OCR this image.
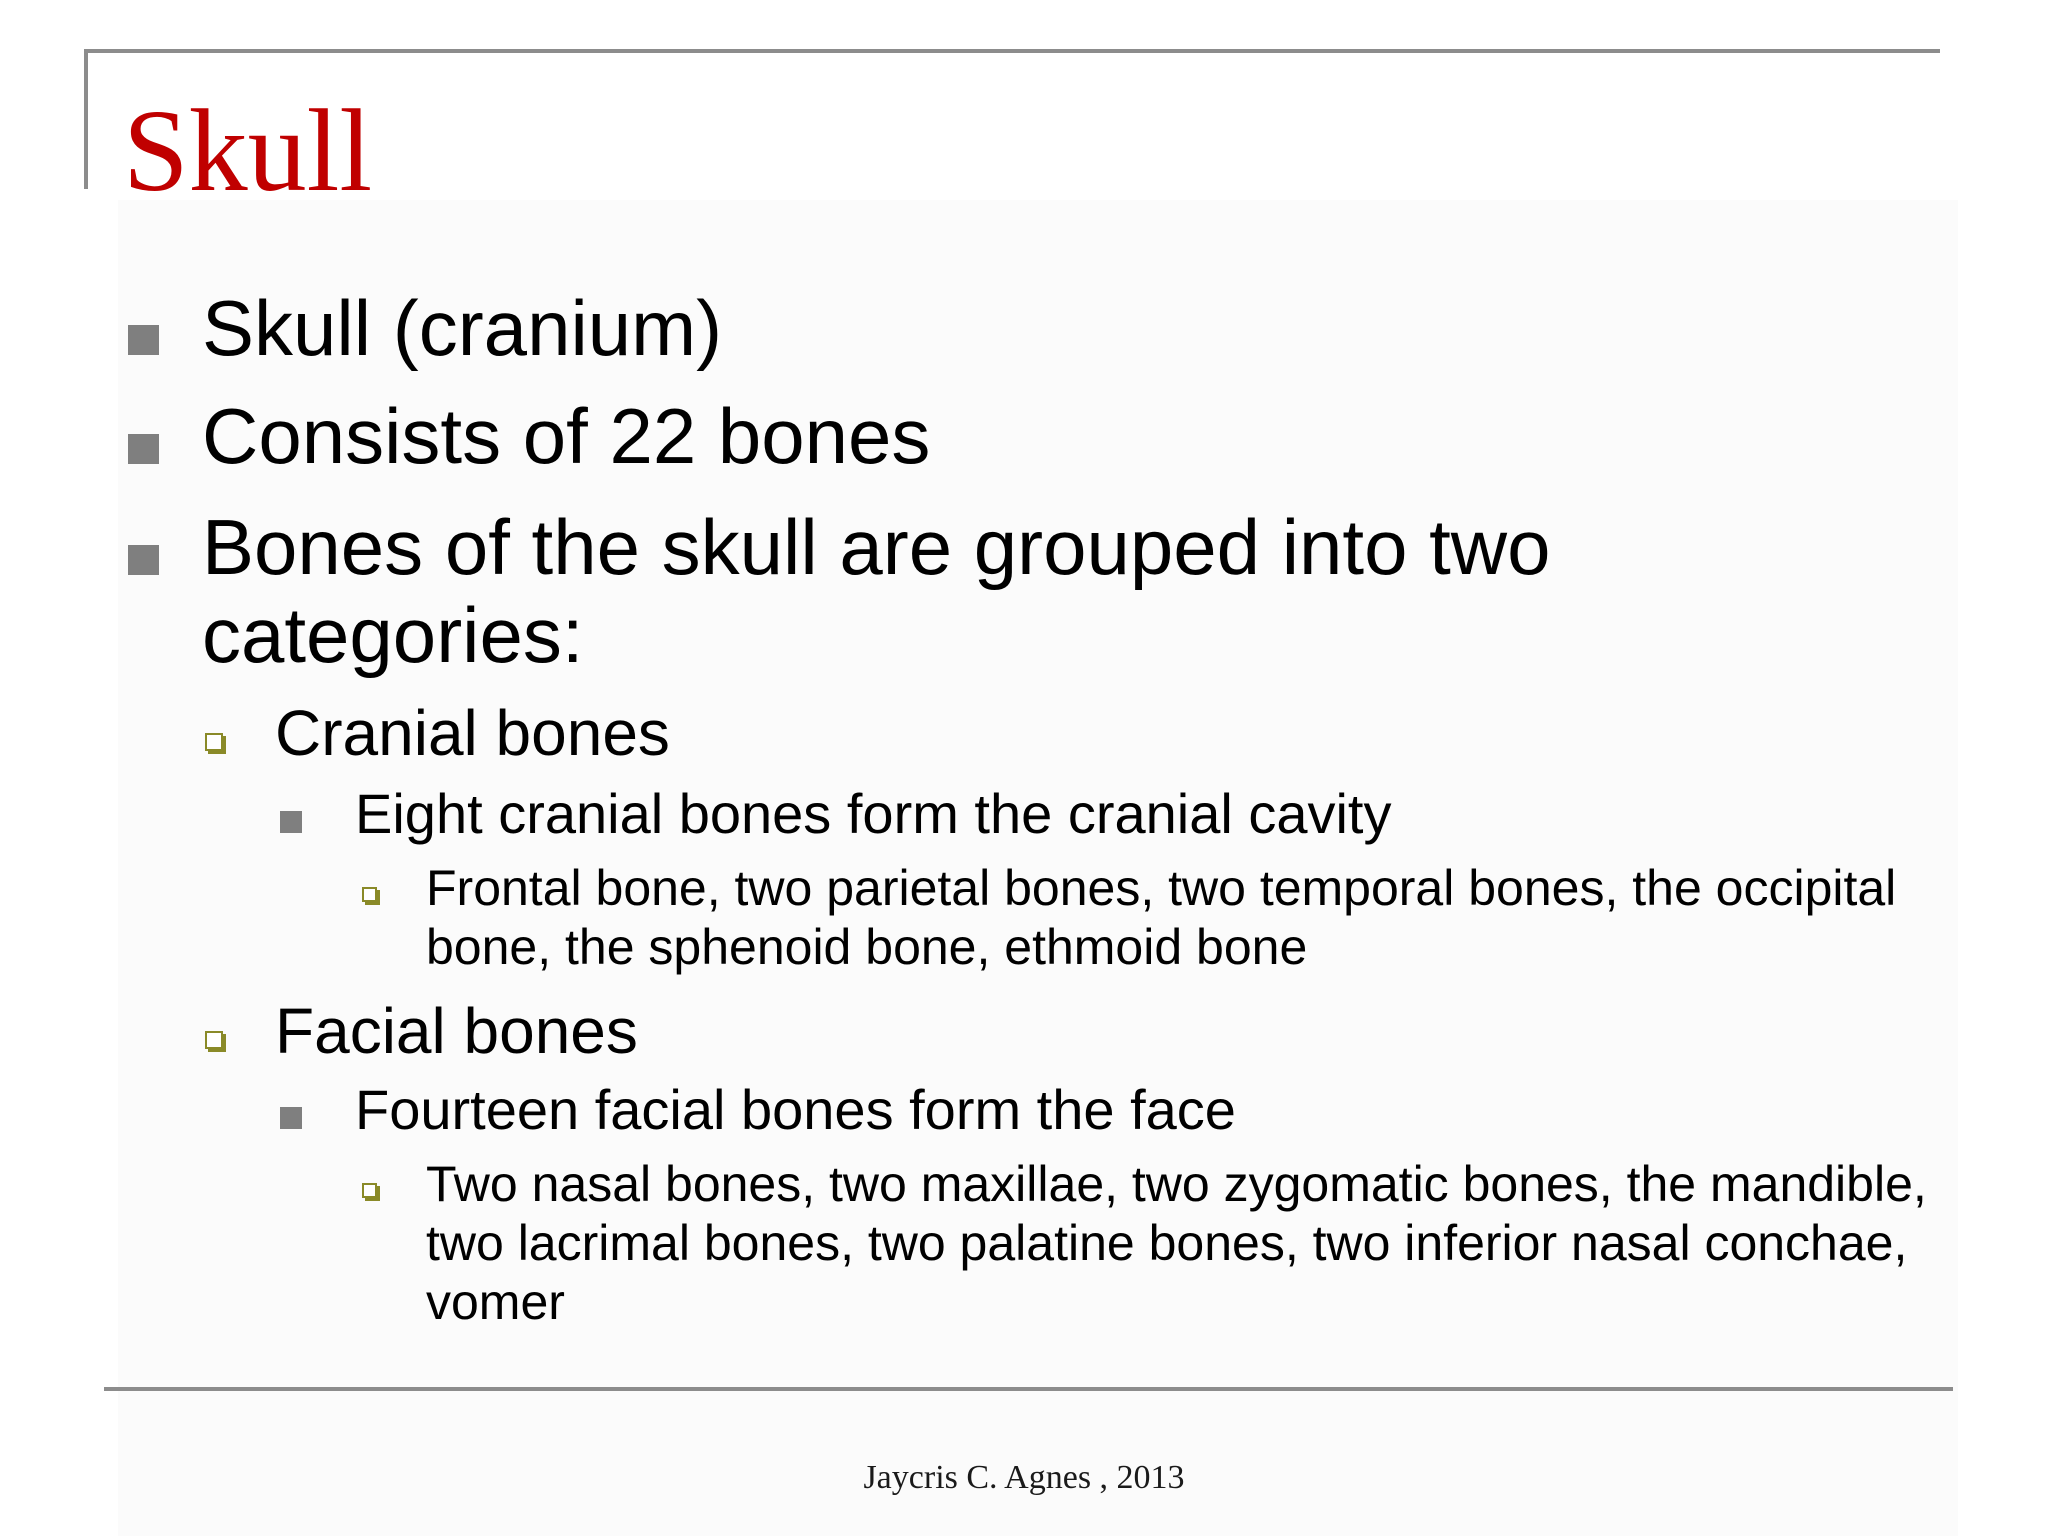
Skull
Skull (cranium)
Consists of 22 bones
Bones of the skull are grouped into two categories:
Cranial bones
Eight cranial bones form the cranial cavity
Frontal bone, two parietal bones, two temporal bones, the occipital bone, the sphenoid bone, ethmoid bone
Facial bones
Fourteen facial bones form the face
Two nasal bones, two maxillae, two zygomatic bones, the mandible, two lacrimal bones, two palatine bones, two inferior nasal conchae, vomer
Jaycris C. Agnes , 2013
